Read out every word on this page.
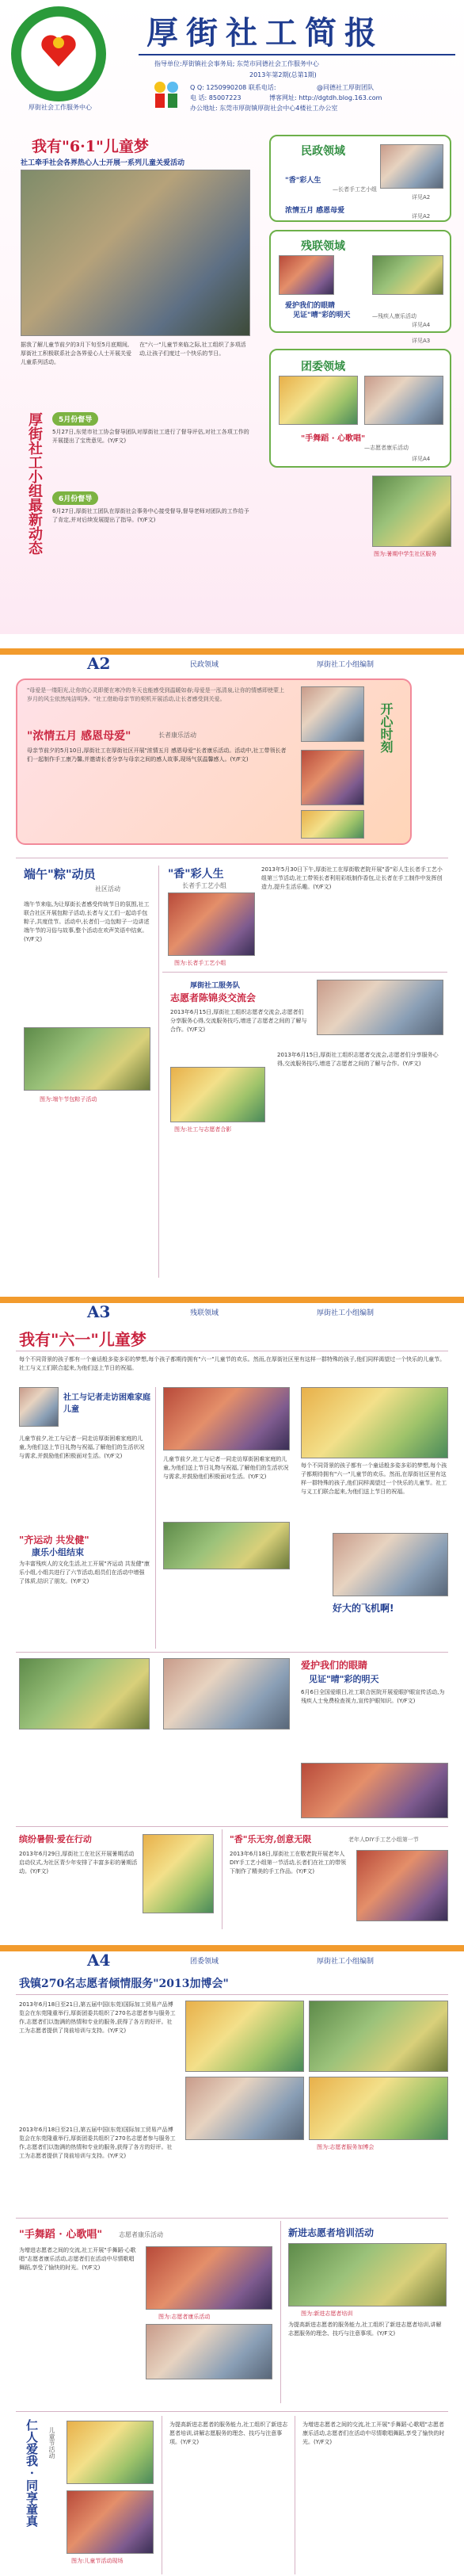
厚街社会工作服务中心
厚街社工简报
指导单位:厚街镇社会事务局; 东莞市同德社会工作服务中心
2013年第2期(总第1期)
Q Q: 1250990208 联系电话:	@同德社工厚街团队
电 话: 85007223	博客网址: http://dgtdh.blog.163.com
办公地址: 东莞市厚街镇厚街社会中心4楼社工办公室
我有"6·1"儿童梦
社工牵手社会各界热心人士开展一系列儿童关爱活动
据我了解儿童节前夕的3月下旬至5月底期间,厚街社工积极联系社会各界爱心人士开展关爱儿童系列活动。
在"六一"儿童节来临之际,社工组织了多项活动,让孩子们度过一个快乐的节日。
厚街社工小组最新动态	5月份督导
5月27日,东莞市社工协会督导团队对厚街社工进行了督导评估,对社工各项工作的开展提出了宝贵意见。(Y/F文)
6月份督导
6月27日,厚街社工团队在厚街社会事务中心接受督导,督导老师对团队的工作给予了肯定,并对后续发展提出了指导。(Y/F文)
民政领域
"香"彩人生
—长者手工艺小组
详见A2
浓情五月 感恩母爱
详见A2
残联领域
爱护我们的眼睛
见证"晴"彩的明天	—残疾人康乐活动
详见A4
详见A3
团委领域
"手舞蹈 · 心歌唱"
—志愿者康乐活动
详见A4
图为:暑期中学生社区服务
A2	民政领域	厚街社工小组编制
"母爱是一缕阳光,让你的心灵即便在寒冷的冬天也能感受到温暖如春;母爱是一泓清泉,让你的情感即使蒙上岁月的风尘依然纯洁明净。"社工借助母亲节的契机开展活动,让长者感受到关爱。
"浓情五月 感恩母爱"	长者康乐活动
母亲节前夕的5月10日,厚街社工在厚街社区开展"浓情五月 感恩母爱"长者康乐活动。活动中,社工带领长者们一起制作手工康乃馨,并邀请长者分享与母亲之间的感人故事,现场气氛温馨感人。(Y/F文)
开心时刻
端午"粽"动员
社区活动
端午节来临,为让厚街长者感受传统节日的氛围,社工联合社区开展包粽子活动,长者与义工们一起动手包粽子,共度佳节。活动中,长者们一边包粽子一边讲述端午节的习俗与故事,整个活动在欢声笑语中结束。(Y/F文)
图为:端午节包粽子活动
"香"彩人生
长者手工艺小组
图为:长者手工艺小组
2013年5月30日下午,厚街社工在厚街敬老院开展"香"彩人生长者手工艺小组第三节活动,社工带领长者利用彩纸制作香包,让长者在手工制作中发挥创造力,提升生活乐趣。(Y/F文)
厚街社工服务队
志愿者陈锦炎交流会
2013年6月15日,厚街社工组织志愿者交流会,志愿者们分享服务心得,交流服务技巧,增进了志愿者之间的了解与合作。(Y/F文)
图为:社工与志愿者合影
2013年6月15日,厚街社工组织志愿者交流会,志愿者们分享服务心得,交流服务技巧,增进了志愿者之间的了解与合作。(Y/F文)
A3	残联领域	厚街社工小组编制
我有"六一"儿童梦
每个不同背景的孩子都有一个童话般多姿多彩的梦想,每个孩子都期待拥有"六一"儿童节的欢乐。然而,在厚街社区里有这样一群特殊的孩子,他们同样渴望过一个快乐的儿童节。社工与义工们联合起来,为他们送上节日的祝福。
社工与记者走访困难家庭儿童
儿童节前夕,社工与记者一同走访厚街困难家庭的儿童,为他们送上节日礼物与祝福,了解他们的生活状况与需求,并鼓励他们积极面对生活。(Y/F文)	儿童节前夕,社工与记者一同走访厚街困难家庭的儿童,为他们送上节日礼物与祝福,了解他们的生活状况与需求,并鼓励他们积极面对生活。(Y/F文)
每个不同背景的孩子都有一个童话般多姿多彩的梦想,每个孩子都期待拥有"六一"儿童节的欢乐。然而,在厚街社区里有这样一群特殊的孩子,他们同样渴望过一个快乐的儿童节。社工与义工们联合起来,为他们送上节日的祝福。
好大的飞机啊!
"齐运动 共发健"
康乐小组结束
为丰富残疾人的文化生活,社工开展"齐运动 共发健"康乐小组,小组共进行了六节活动,组员们在活动中增强了体质,结识了朋友。(Y/F文)
爱护我们的眼睛
见证"晴"彩的明天
6月6日全国爱眼日,社工联合医院开展爱眼护眼宣传活动,为残疾人士免费检查视力,宣传护眼知识。(Y/F文)
缤纷暑假·爱在行动
2013年6月29日,厚街社工在社区开展暑期活动启动仪式,为社区青少年安排了丰富多彩的暑期活动。(Y/F文)
"香"乐无穷,创意无限	老年人DIY手工艺小组第一节
2013年6月18日,厚街社工在敬老院开展老年人DIY手工艺小组第一节活动,长者们在社工的带领下制作了精美的手工作品。(Y/F文)
A4	团委领域	厚街社工小组编制
我镇270名志愿者倾情服务"2013加博会"
2013年6月18日至21日,第五届中国(东莞)国际加工贸易产品博览会在东莞隆重举行,厚街团委共组织了270名志愿者参与服务工作,志愿者们以饱满的热情和专业的服务,获得了各方的好评。社工为志愿者提供了岗前培训与支持。(Y/F文)
图为:志愿者服务加博会
2013年6月18日至21日,第五届中国(东莞)国际加工贸易产品博览会在东莞隆重举行,厚街团委共组织了270名志愿者参与服务工作,志愿者们以饱满的热情和专业的服务,获得了各方的好评。社工为志愿者提供了岗前培训与支持。(Y/F文)
"手舞蹈 · 心歌唱"	志愿者康乐活动
为增进志愿者之间的交流,社工开展"手舞蹈·心歌唱"志愿者康乐活动,志愿者们在活动中尽情歌唱舞蹈,享受了愉快的时光。(Y/F文)
图为:志愿者康乐活动
新进志愿者培训活动
图为:新进志愿者培训
为提高新进志愿者的服务能力,社工组织了新进志愿者培训,讲解志愿服务的理念、技巧与注意事项。(Y/F文)
仁人爱我 · 同享童真 儿童节活动
图为:儿童节活动现场
为提高新进志愿者的服务能力,社工组织了新进志愿者培训,讲解志愿服务的理念、技巧与注意事项。(Y/F文)
为增进志愿者之间的交流,社工开展"手舞蹈·心歌唱"志愿者康乐活动,志愿者们在活动中尽情歌唱舞蹈,享受了愉快的时光。(Y/F文)
